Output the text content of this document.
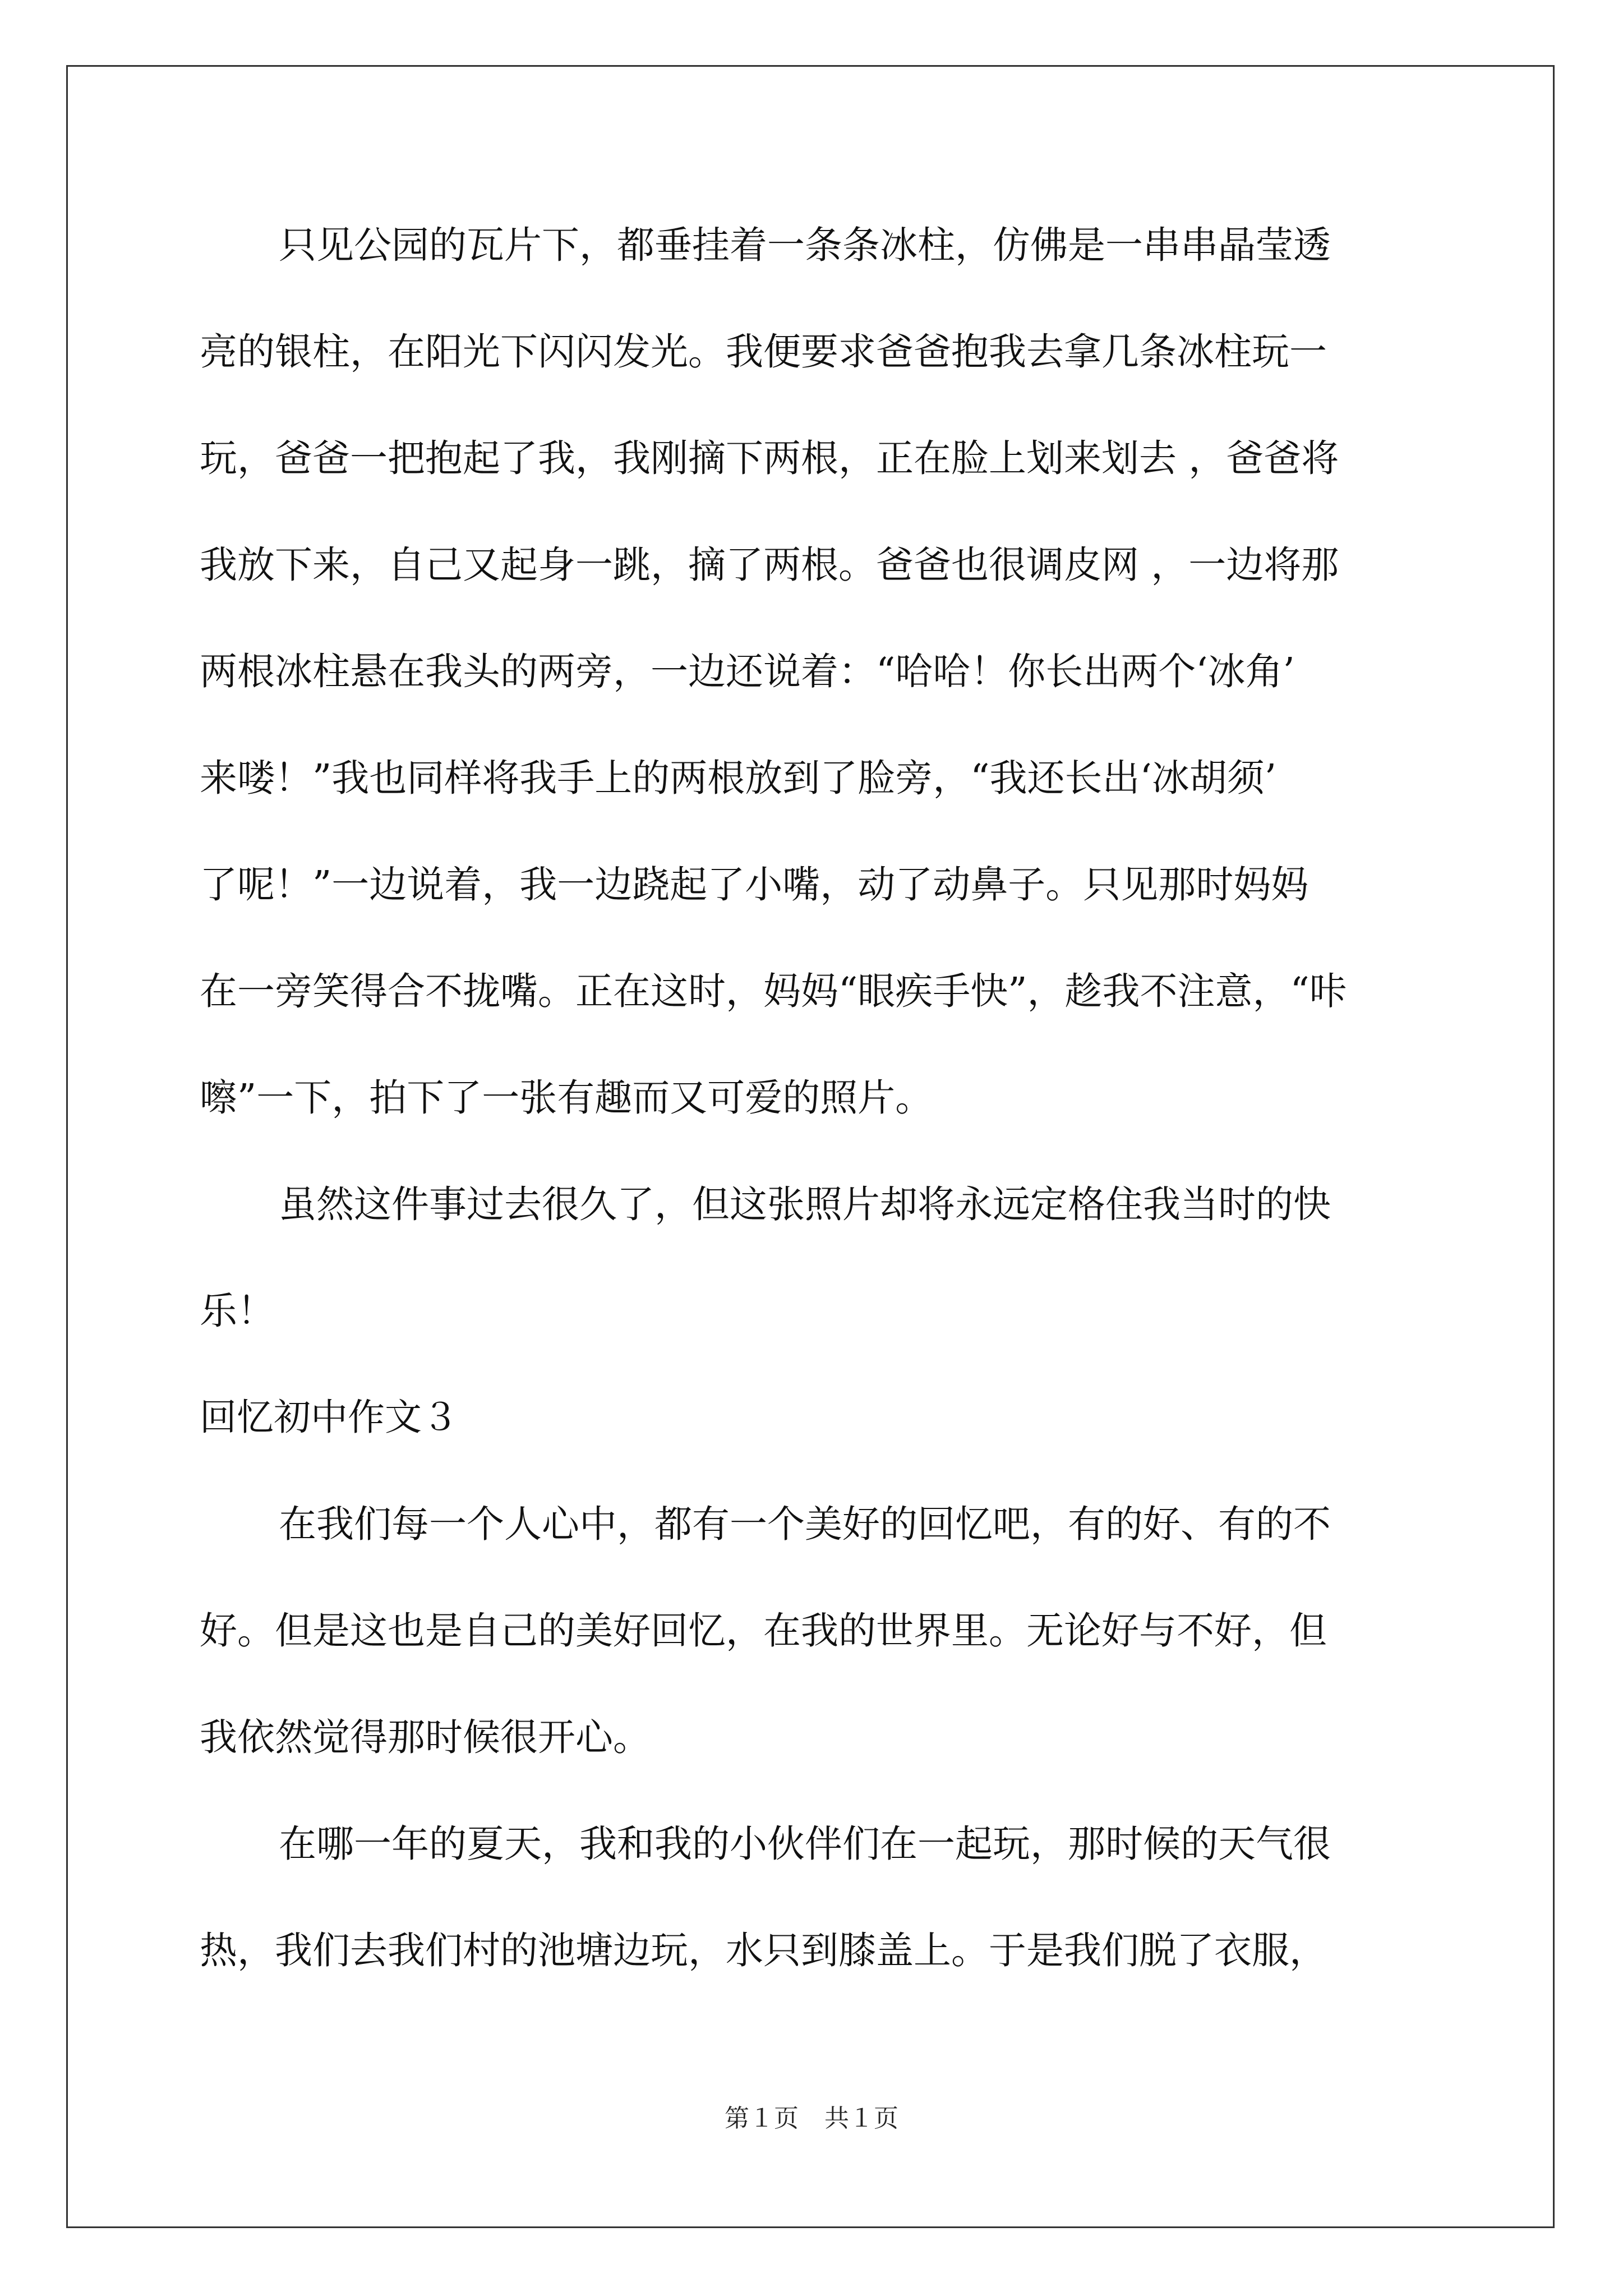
只见公园的瓦片下，都垂挂着一条条冰柱，仿佛是一串串晶莹透
亮的银柱，在阳光下闪闪发光。我便要求爸爸抱我去拿几条冰柱玩一
玩，爸爸一把抱起了我，我刚摘下两根，正在脸上划来划去 ，爸爸将
我放下来，自己又起身一跳，摘了两根。爸爸也很调皮网 ，一边将那
两根冰柱悬在我头的两旁，一边还说着：“哈哈！你长出两个‘冰角’
来喽！”我也同样将我手上的两根放到了脸旁，“我还长出‘冰胡须’
了呢！”一边说着，我一边跷起了小嘴，动了动鼻子。只见那时妈妈
在一旁笑得合不拢嘴。正在这时，妈妈“眼疾手快”，趁我不注意，“咔
嚓”一下，拍下了一张有趣而又可爱的照片。
虽然这件事过去很久了，但这张照片却将永远定格住我当时的快
乐！
回忆初中作文３
在我们每一个人心中，都有一个美好的回忆吧，有的好、有的不
好。但是这也是自己的美好回忆，在我的世界里。无论好与不好，但
我依然觉得那时候很开心。
在哪一年的夏天，我和我的小伙伴们在一起玩，那时候的天气很
热，我们去我们村的池塘边玩，水只到膝盖上。于是我们脱了衣服，
第１页 共１页
